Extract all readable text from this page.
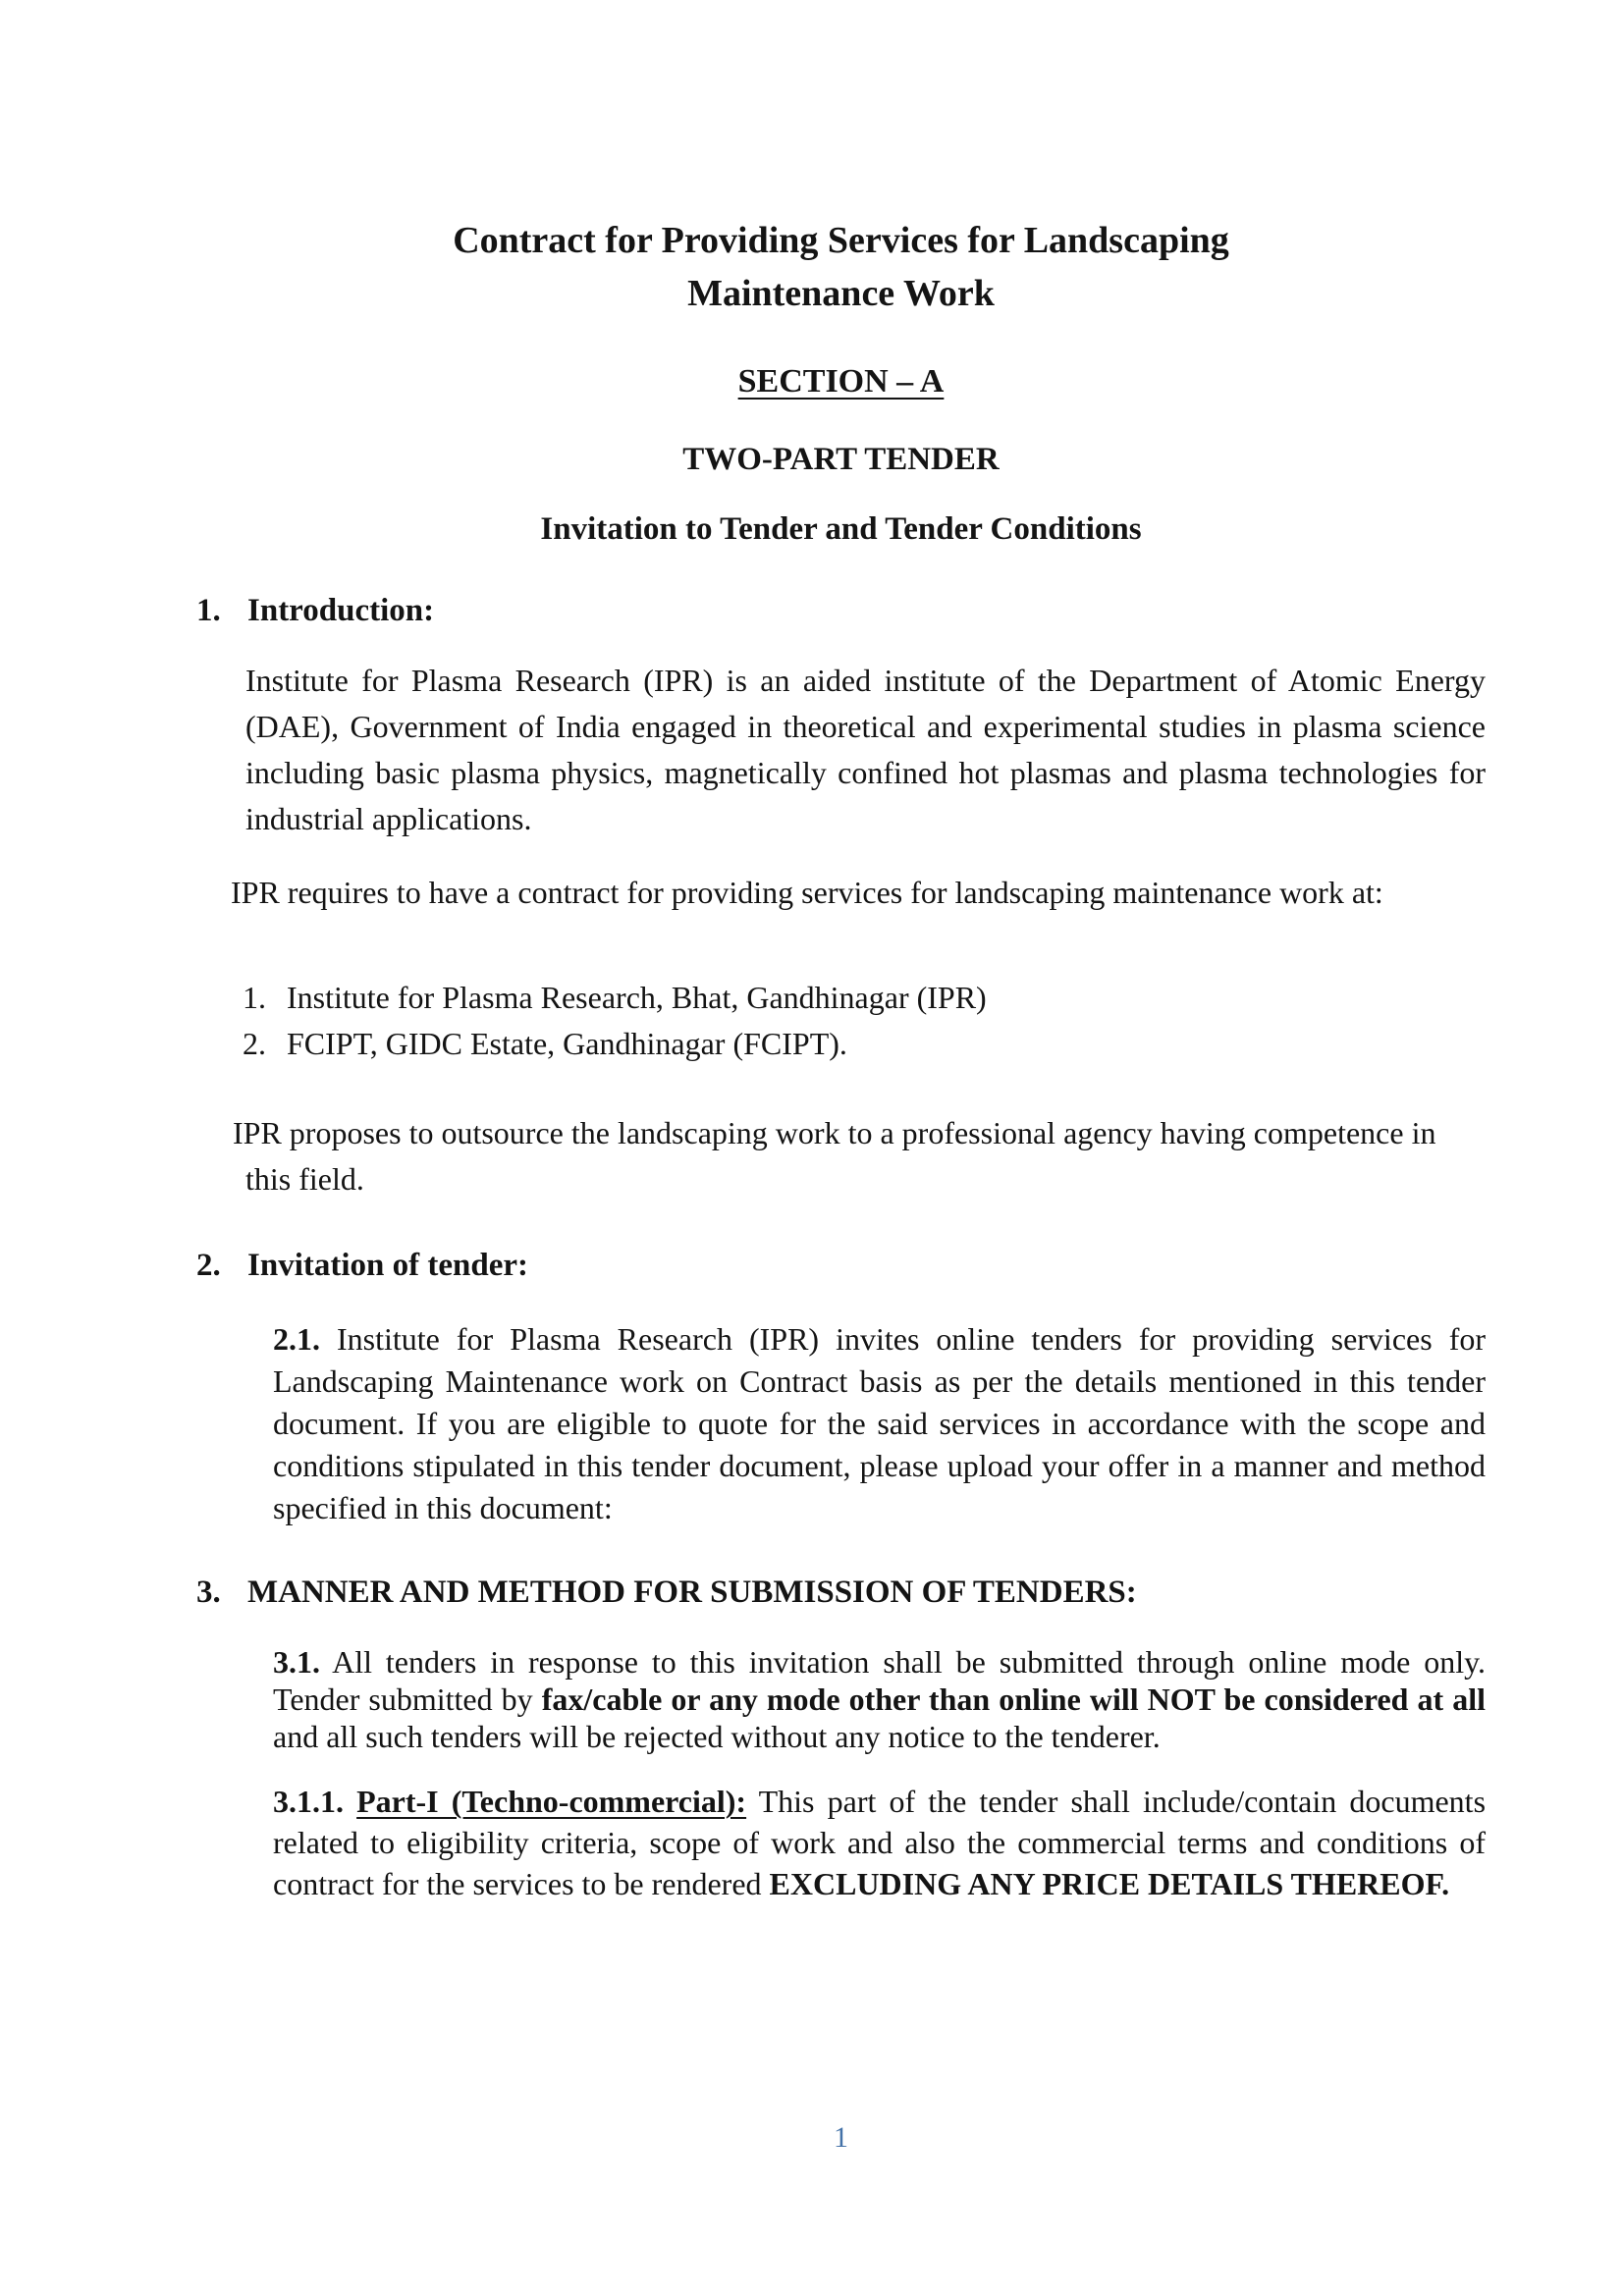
Contract for Providing Services for Landscaping
Maintenance Work
SECTION – A
TWO-PART TENDER
Invitation to Tender and Tender Conditions
1. Introduction:

Institute for Plasma Research (IPR) is an aided institute of the Department of Atomic Energy (DAE), Government of India engaged in theoretical and experimental studies in plasma science including basic plasma physics, magnetically confined hot plasmas and plasma technologies for industrial applications.

IPR requires to have a contract for providing services for landscaping maintenance work at:

1. Institute for Plasma Research, Bhat, Gandhinagar (IPR)
2. FCIPT, GIDC Estate, Gandhinagar (FCIPT).

IPR proposes to outsource the landscaping work to a professional agency having competence in this field.

2. Invitation of tender:

2.1. Institute for Plasma Research (IPR) invites online tenders for providing services for Landscaping Maintenance work on Contract basis as per the details mentioned in this tender document. If you are eligible to quote for the said services in accordance with the scope and conditions stipulated in this tender document, please upload your offer in a manner and method specified in this document:

3. MANNER AND METHOD FOR SUBMISSION OF TENDERS:

3.1. All tenders in response to this invitation shall be submitted through online mode only. Tender submitted by fax/cable or any mode other than online will NOT be considered at all and all such tenders will be rejected without any notice to the tenderer.

3.1.1. Part-I (Techno-commercial): This part of the tender shall include/contain documents related to eligibility criteria, scope of work and also the commercial terms and conditions of contract for the services to be rendered EXCLUDING ANY PRICE DETAILS THEREOF.

1
